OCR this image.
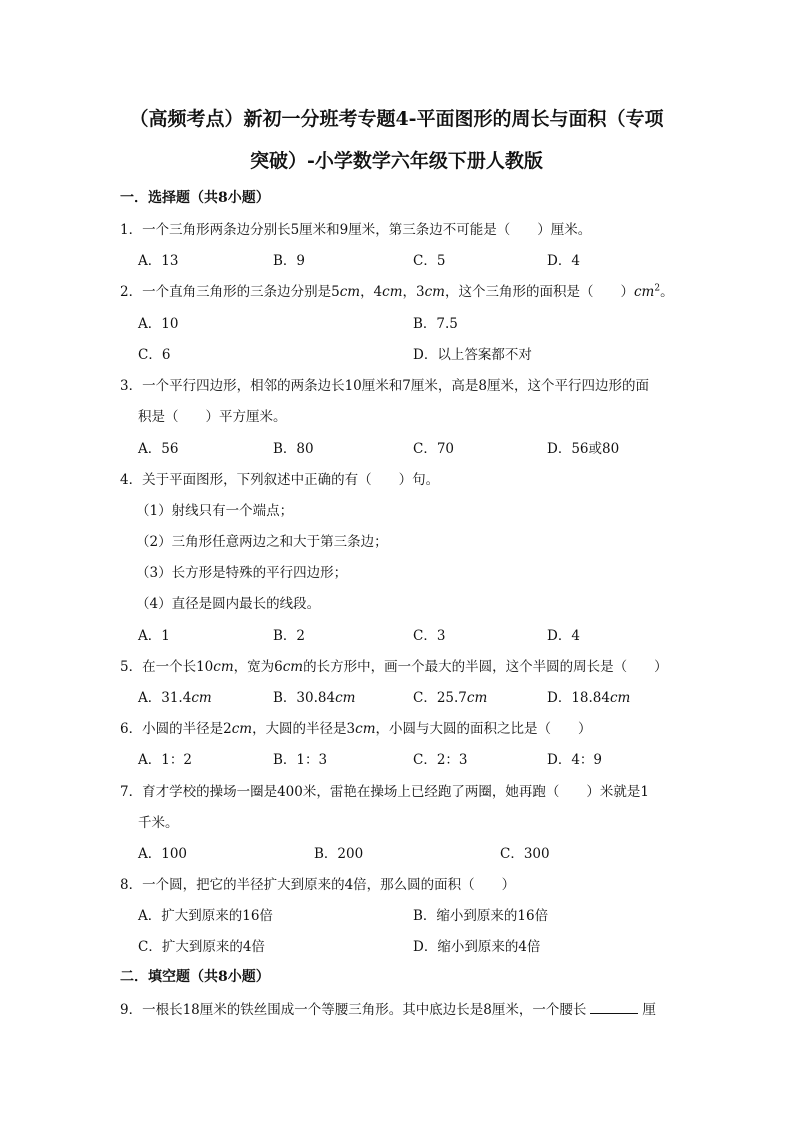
（高频考点）新初一分班考专题4-平面图形的周长与面积（专项
突破）-小学数学六年级下册人教版
一．选择题（共8小题）
1．一个三角形两条边分别长5厘米和9厘米，第三条边不可能是（　　）厘米。
A．13	B．9	C．5	D．4
2．一个直角三角形的三条边分别是5cm，4cm，3cm，这个三角形的面积是（　　）$cm^2$。
A．10	B．7.5
C．6	D．以上答案都不对
3．一个平行四边形，相邻的两条边长10厘米和7厘米，高是8厘米，这个平行四边形的面
积是（　　）平方厘米。
A．56	B．80	C．70	D．56或80
4．关于平面图形，下列叙述中正确的有（　　）句。
（1）射线只有一个端点；
（2）三角形任意两边之和大于第三条边；
（3）长方形是特殊的平行四边形；
（4）直径是圆内最长的线段。
A．1	B．2	C．3	D．4
5．在一个长10cm，宽为6cm的长方形中，画一个最大的半圆，这个半圆的周长是（　　）
A．31.4cm	B．30.84cm	C．25.7cm	D．18.84cm
6．小圆的半径是2cm，大圆的半径是3cm，小圆与大圆的面积之比是（　　）
A．1：2	B．1：3	C．2：3	D．4：9
7．育才学校的操场一圈是400米，雷艳在操场上已经跑了两圈，她再跑（　　）米就是1
千米。
A．100	B．200	C．300
8．一个圆，把它的半径扩大到原来的4倍，那么圆的面积（　　）
A．扩大到原来的16倍	B．缩小到原来的16倍
C．扩大到原来的4倍	D．缩小到原来的4倍
二．填空题（共8小题）
9．一根长18厘米的铁丝围成一个等腰三角形。其中底边长是8厘米，一个腰长	厘
